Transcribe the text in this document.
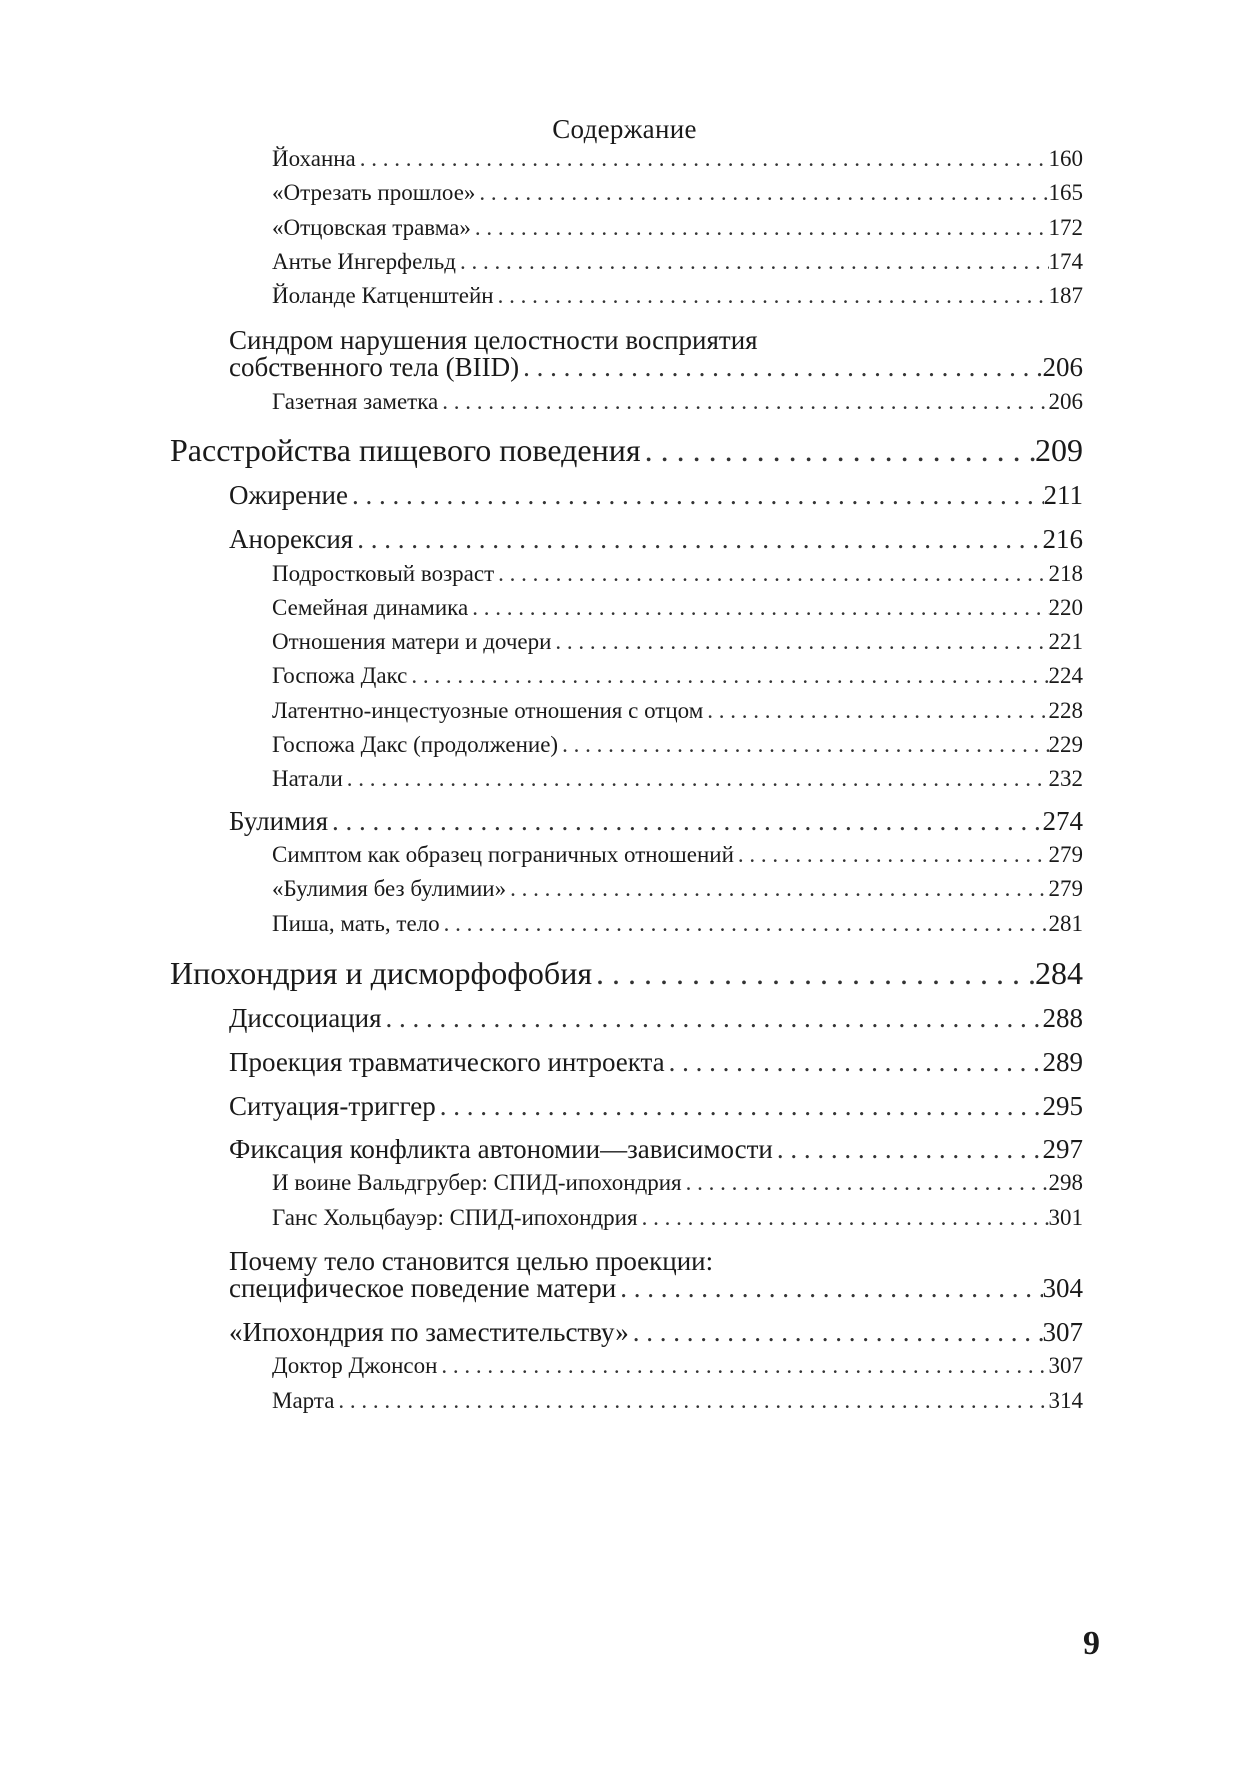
Содержание
Йоханна . . .	160
«Отрезать прошлое» . . .	165
«Отцовская травма» . . .	172
Антье Ингерфельд . . .	174
Йоланде Катценштейн . . .	187
Синдром нарушения целостности восприятия
собственного тела (BIID) . . .	206
Газетная заметка . . .	206
Расстройства пищевого поведения . . .	209
Ожирение . . .	211
Анорексия . . .	216
Подростковый возраст . . .	218
Семейная динамика . . .	220
Отношения матери и дочери . . .	221
Госпожа Дакс . . .	224
Латентно-инцестуозные отношения с отцом . . .	228
Госпожа Дакс (продолжение) . . .	229
Натали . . .	232
Булимия . . .	274
Симптом как образец пограничных отношений . . .	279
«Булимия без булимии» . . .	279
Пиша, мать, тело . . .	281
Ипохондрия и дисморфофобия . . .	284
Диссоциация . . .	288
Проекция травматического интроекта . . .	289
Ситуация-триггер . . .	295
Фиксация конфликта автономии—зависимости . . .	297
И воине Вальдгрубер: СПИД-ипохондрия . . .	298
Ганс Хольцбауэр: СПИД-ипохондрия . . .	301
Почему тело становится целью проекции:
специфическое поведение матери . . .	304
«Ипохондрия по заместительству» . . .	307
Доктор Джонсон . . .	307
Марта . . .	314
9
